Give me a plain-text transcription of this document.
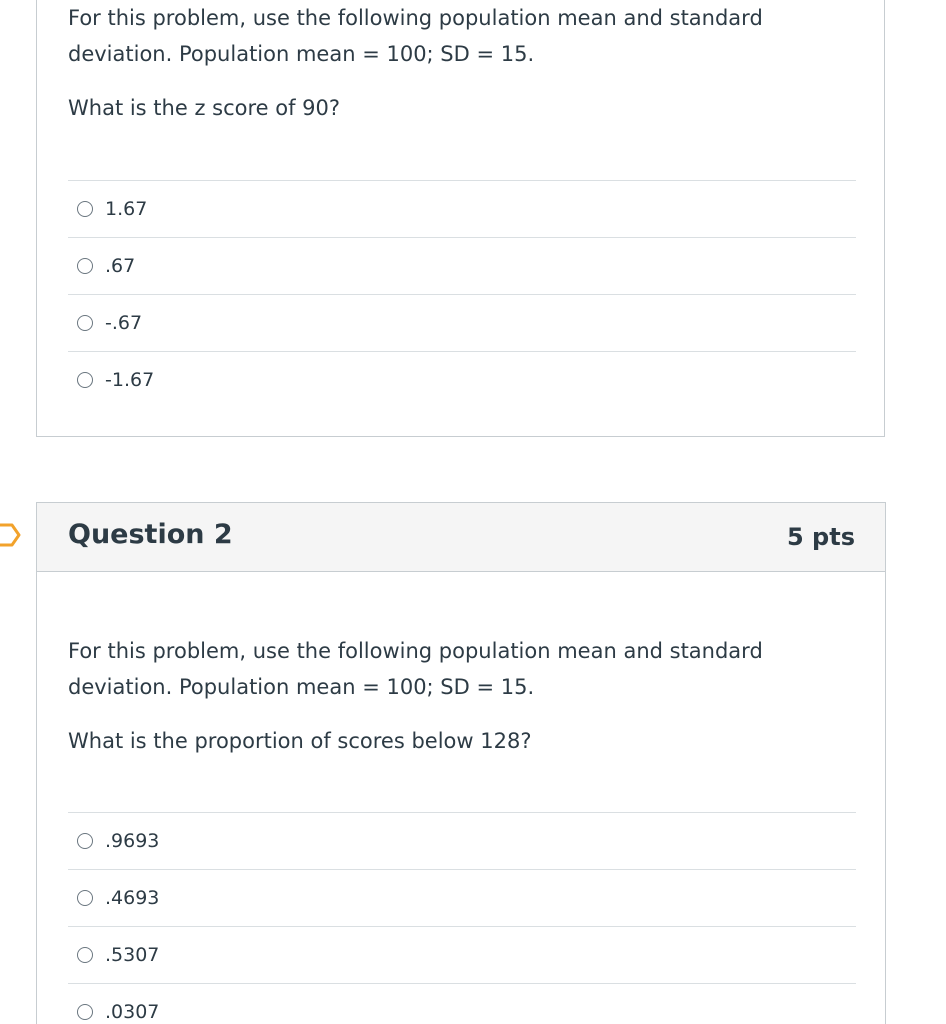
For this problem, use the following population mean and standard deviation. Population mean = 100; SD = 15.

What is the z score of 90?

1.67
.67
-.67
-1.67
Question 2	5 pts

For this problem, use the following population mean and standard deviation. Population mean = 100; SD = 15.

What is the proportion of scores below 128?

.9693
.4693
.5307
.0307
